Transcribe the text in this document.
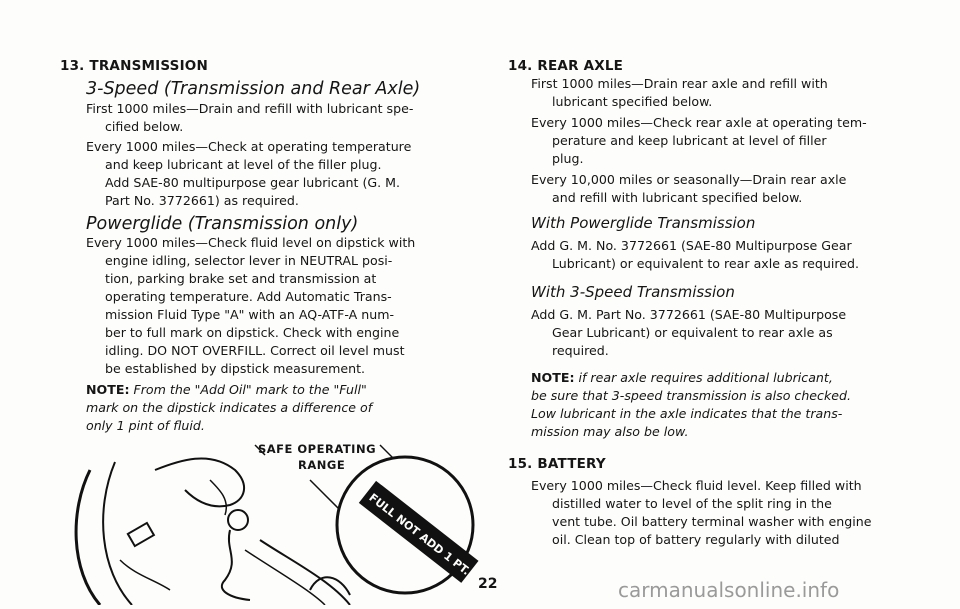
13. TRANSMISSION
3-Speed (Transmission and Rear Axle)
First 1000 miles—Drain and refill with lubricant spe-
cified below.
Every 1000 miles—Check at operating temperature
and keep lubricant at level of the filler plug.
Add SAE-80 multipurpose gear lubricant (G. M.
Part No. 3772661) as required.
Powerglide (Transmission only)
Every 1000 miles—Check fluid level on dipstick with
engine idling, selector lever in NEUTRAL posi-
tion, parking brake set and transmission at
operating temperature. Add Automatic Trans-
mission Fluid Type "A" with an AQ-ATF-A num-
ber to full mark on dipstick. Check with engine
idling. DO NOT OVERFILL. Correct oil level must
be established by dipstick measurement.
NOTE: From the "Add Oil" mark to the "Full"
mark on the dipstick indicates a difference of
only 1 pint of fluid.
FULL NOT ADD 1 PT.
SAFE OPERATING
RANGE
14. REAR AXLE
First 1000 miles—Drain rear axle and refill with
lubricant specified below.
Every 1000 miles—Check rear axle at operating tem-
perature and keep lubricant at level of filler
plug.
Every 10,000 miles or seasonally—Drain rear axle
and refill with lubricant specified below.
With Powerglide Transmission
Add G. M. No. 3772661 (SAE-80 Multipurpose Gear
Lubricant) or equivalent to rear axle as required.
With 3-Speed Transmission
Add G. M. Part No. 3772661 (SAE-80 Multipurpose
Gear Lubricant) or equivalent to rear axle as
required.
NOTE: if rear axle requires additional lubricant,
be sure that 3-speed transmission is also checked.
Low lubricant in the axle indicates that the trans-
mission may also be low.
15. BATTERY
Every 1000 miles—Check fluid level. Keep filled with
distilled water to level of the split ring in the
vent tube. Oil battery terminal washer with engine
oil. Clean top of battery regularly with diluted
22	carmanualsonline.info
